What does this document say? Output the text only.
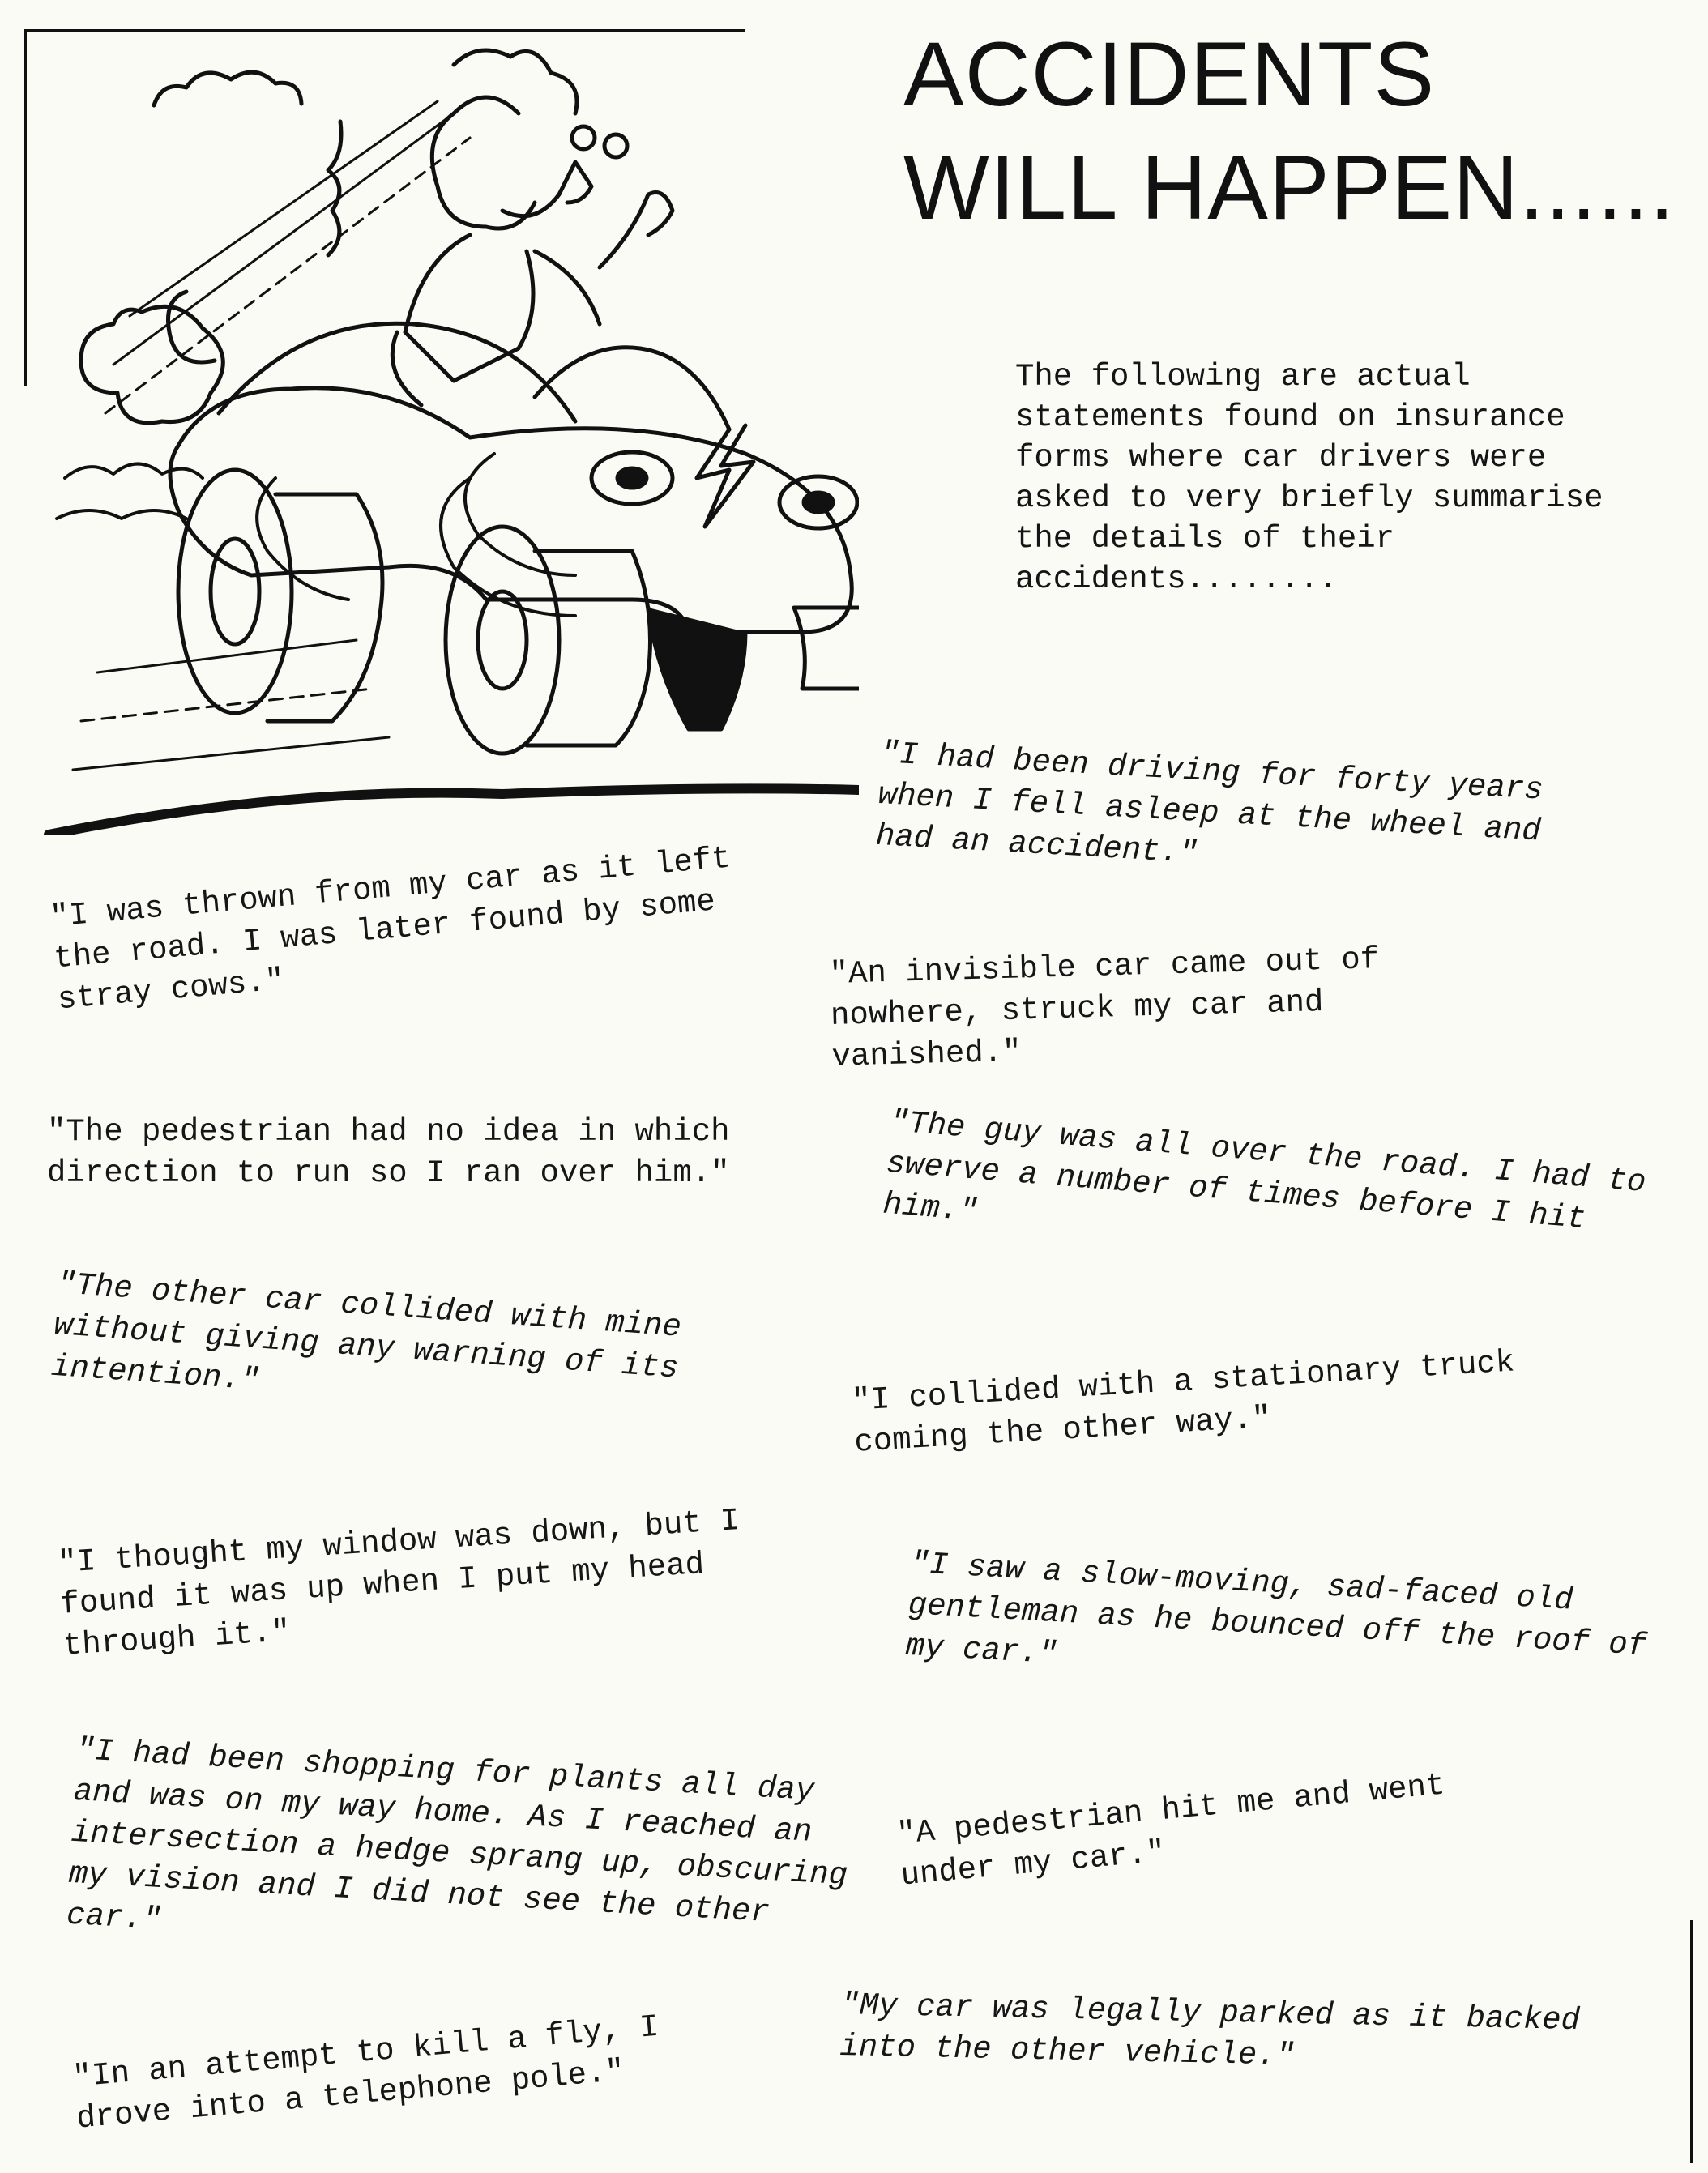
ACCIDENTS
WILL HAPPEN......

The following are actual statements found on insurance forms where car drivers were asked to very briefly summarise the details of their accidents........

"I had been driving for forty years when I fell asleep at the wheel and had an accident."

"I was thrown from my car as it left the road. I was later found by some stray cows."	"An invisible car came out of nowhere, struck my car and vanished."

"The pedestrian had no idea in which direction to run so I ran over him."	"The guy was all over the road. I had to swerve a number of times before I hit him."

"The other car collided with mine without giving any warning of its intention."	"I collided with a stationary truck coming the other way."

"I thought my window was down, but I found it was up when I put my head through it."

"I saw a slow-moving, sad-faced old gentleman as he bounced off the roof of my car."

"I had been shopping for plants all day and was on my way home. As I reached an intersection a hedge sprang up, obscuring my vision and I did not see the other car."

"A pedestrian hit me and went under my car."

"My car was legally parked as it backed into the other vehicle."

"In an attempt to kill a fly, I drove into a telephone pole."
